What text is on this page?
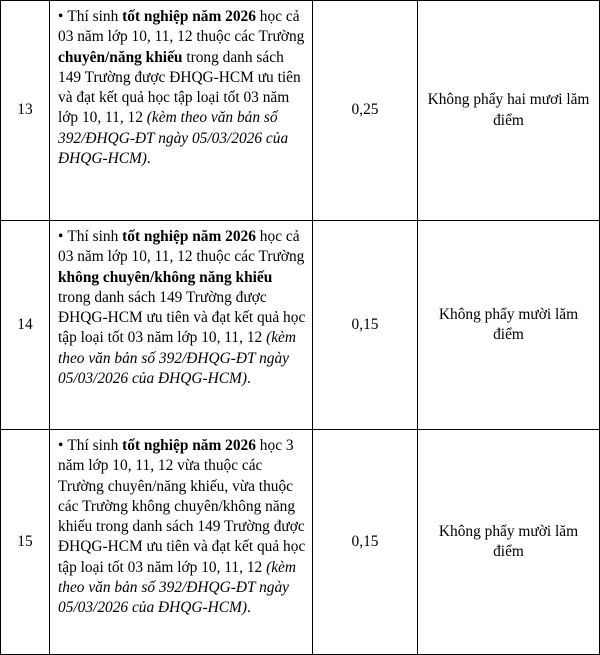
13	• Thí sinh tốt nghiệp năm 2026 học cả 03 năm lớp 10, 11, 12 thuộc các Trường chuyên/năng khiếu trong danh sách 149 Trường được ĐHQG-HCM ưu tiên và đạt kết quả học tập loại tốt 03 năm lớp 10, 11, 12 (kèm theo văn bản số 392/ĐHQG-ĐT ngày 05/03/2026 của ĐHQG-HCM).	0,25	Không phẩy hai mươi lăm điểm
14	• Thí sinh tốt nghiệp năm 2026 học cả 03 năm lớp 10, 11, 12 thuộc các Trường không chuyên/không năng khiếu trong danh sách 149 Trường được ĐHQG-HCM ưu tiên và đạt kết quả học tập loại tốt 03 năm lớp 10, 11, 12 (kèm theo văn bản số 392/ĐHQG-ĐT ngày 05/03/2026 của ĐHQG-HCM).	0,15	Không phẩy mười lăm điểm
15	• Thí sinh tốt nghiệp năm 2026 học 3 năm lớp 10, 11, 12 vừa thuộc các Trường chuyên/năng khiếu, vừa thuộc các Trường không chuyên/không năng khiếu trong danh sách 149 Trường được ĐHQG-HCM ưu tiên và đạt kết quả học tập loại tốt 03 năm lớp 10, 11, 12 (kèm theo văn bản số 392/ĐHQG-ĐT ngày 05/03/2026 của ĐHQG-HCM).	0,15	Không phẩy mười lăm điểm
